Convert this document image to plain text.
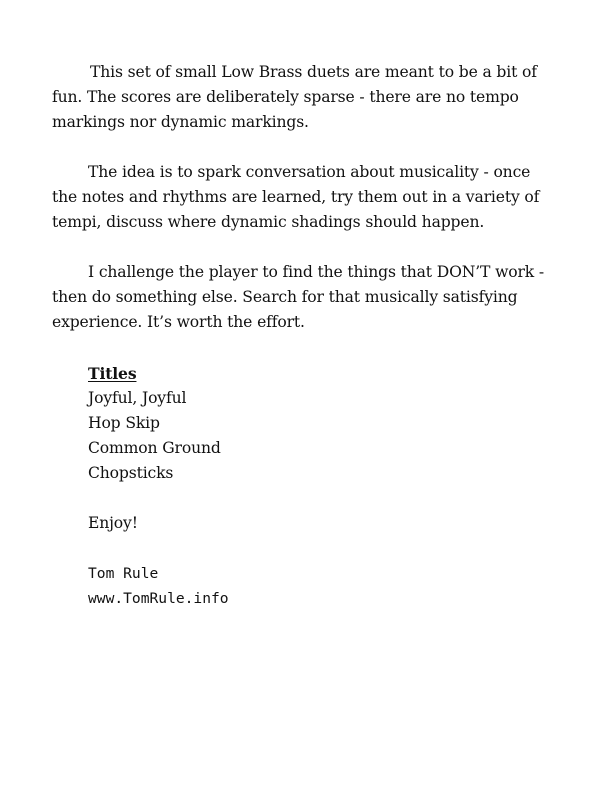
This set of small Low Brass duets are meant to be a bit of fun. The scores are deliberately sparse - there are no tempo markings nor dynamic markings.

The idea is to spark conversation about musicality - once the notes and rhythms are learned, try them out in a variety of tempi, discuss where dynamic shadings should happen.

I challenge the player to find the things that DON’T work - then do something else. Search for that musically satisfying experience. It’s worth the effort.

Titles
Joyful, Joyful
Hop Skip
Common Ground
Chopsticks
Enjoy!
Tom Rule
www.TomRule.info
